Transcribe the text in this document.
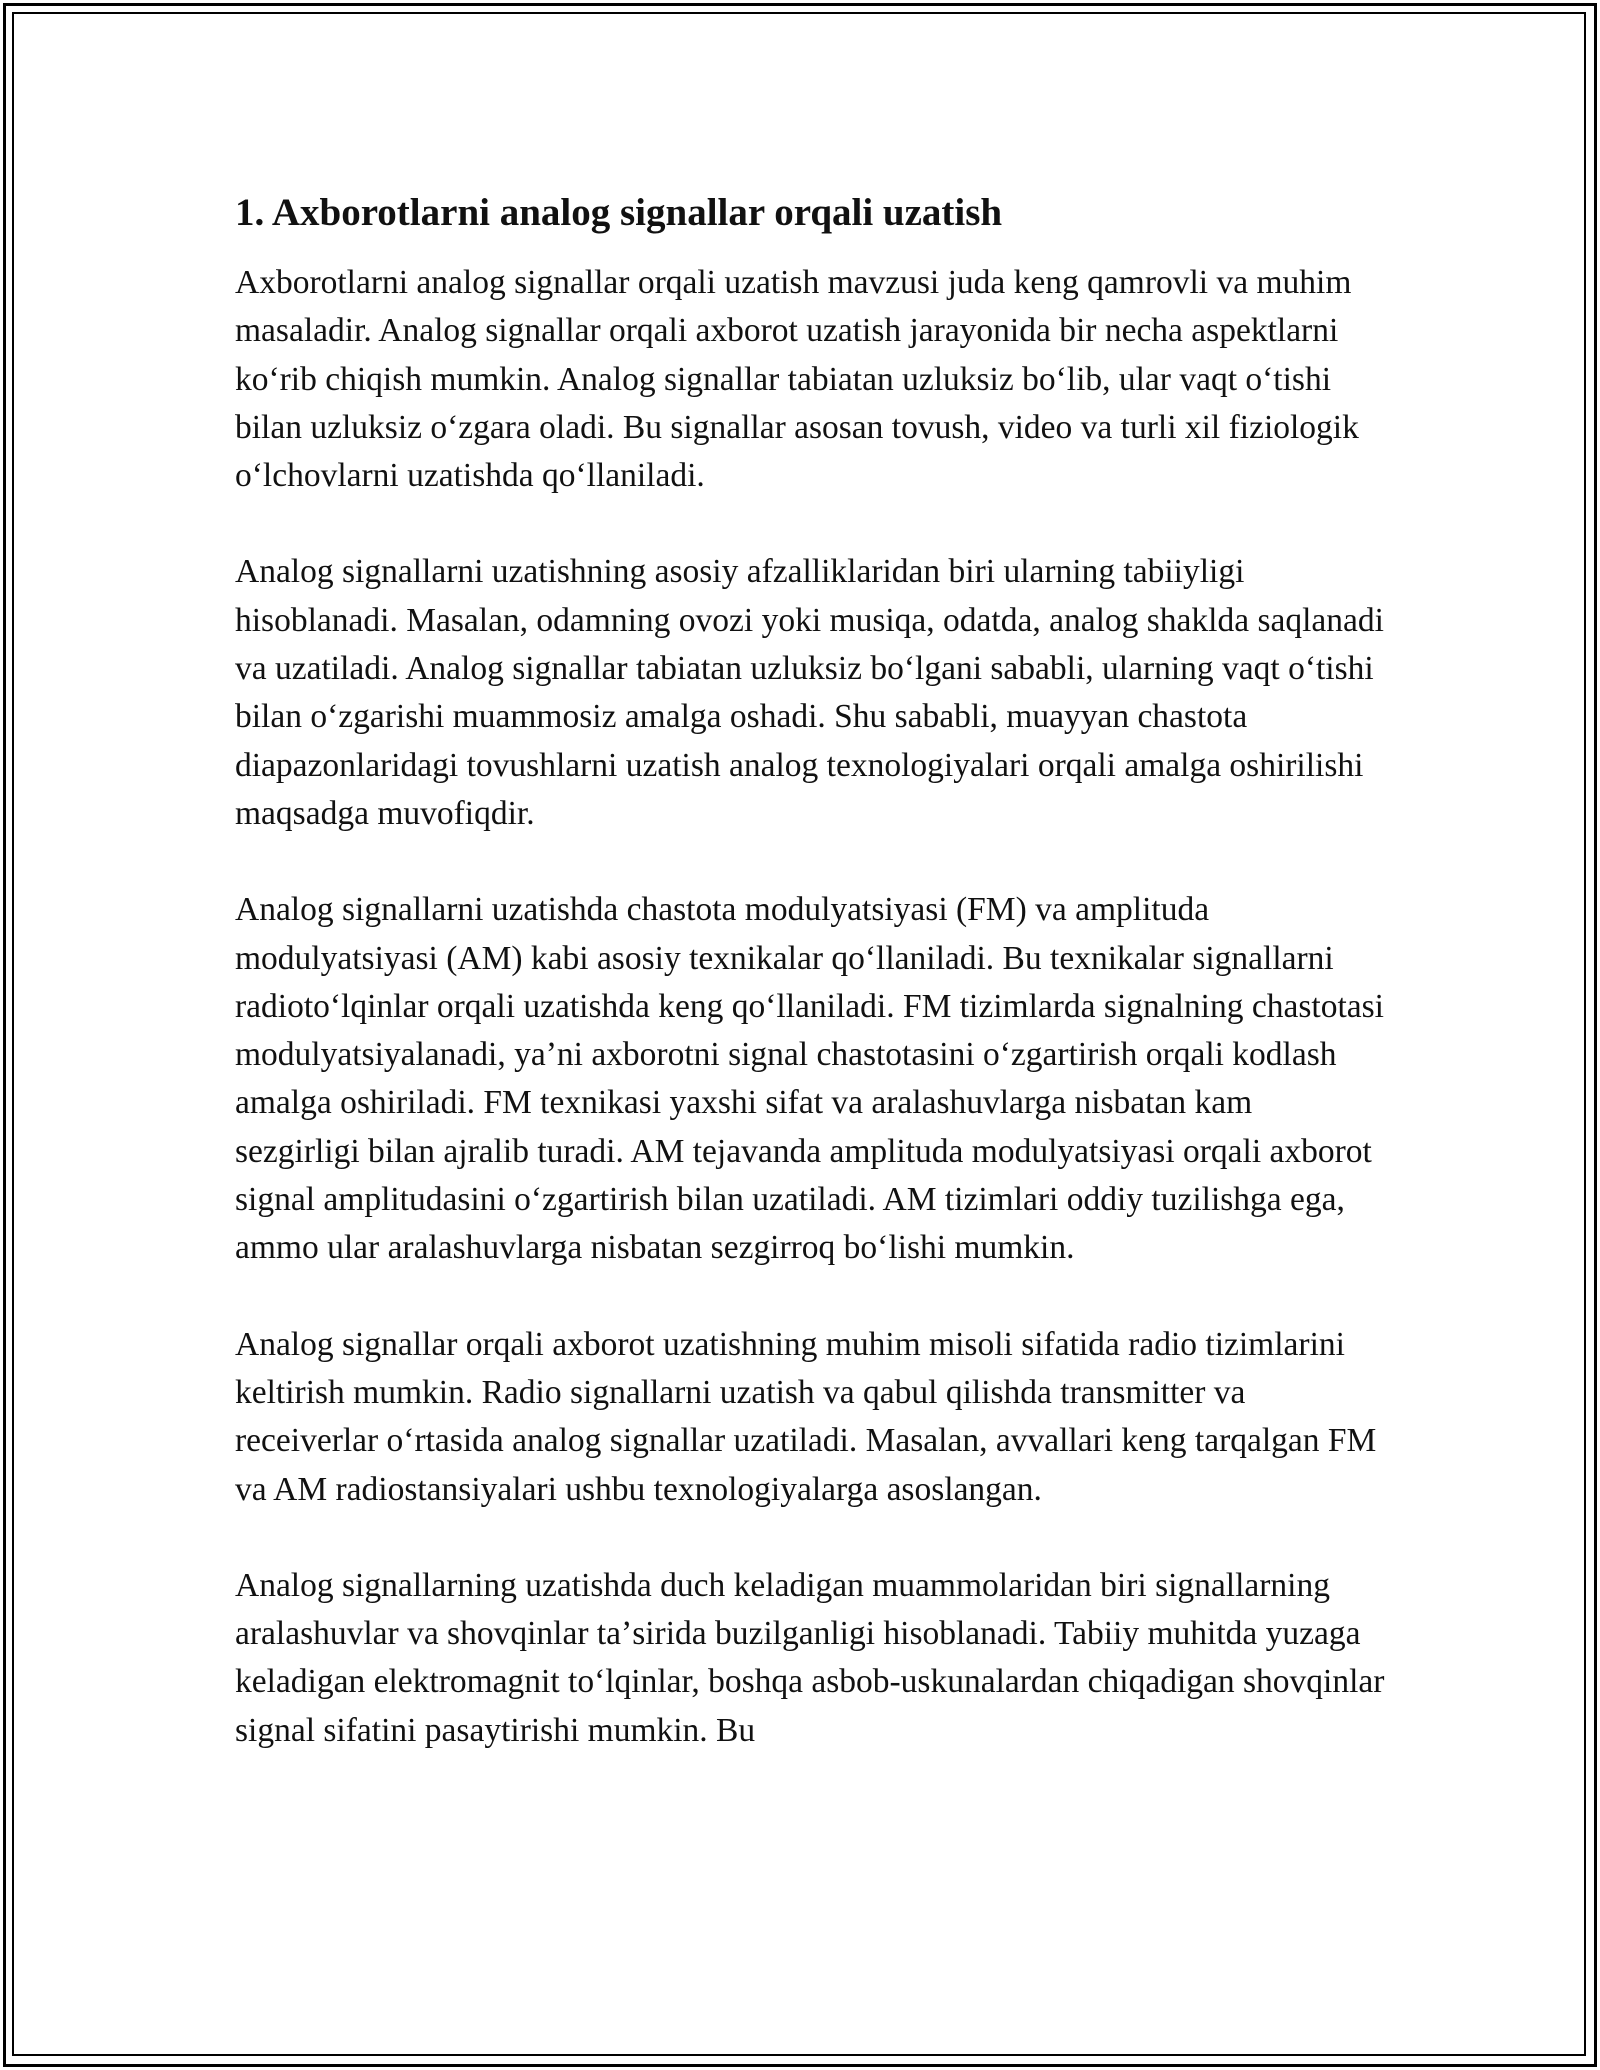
1. Axborotlarni analog signallar orqali uzatish

Axborotlarni analog signallar orqali uzatish mavzusi juda keng qamrovli va muhim masaladir. Analog signallar orqali axborot uzatish jarayonida bir necha aspektlarni koʻrib chiqish mumkin. Analog signallar tabiatan uzluksiz boʻlib, ular vaqt oʻtishi bilan uzluksiz oʻzgara oladi. Bu signallar asosan tovush, video va turli xil fiziologik oʻlchovlarni uzatishda qoʻllaniladi.

Analog signallarni uzatishning asosiy afzalliklaridan biri ularning tabiiyligi hisoblanadi. Masalan, odamning ovozi yoki musiqa, odatda, analog shaklda saqlanadi va uzatiladi. Analog signallar tabiatan uzluksiz boʻlgani sababli, ularning vaqt oʻtishi bilan oʻzgarishi muammosiz amalga oshadi. Shu sababli, muayyan chastota diapazonlaridagi tovushlarni uzatish analog texnologiyalari orqali amalga oshirilishi maqsadga muvofiqdir.

Analog signallarni uzatishda chastota modulyatsiyasi (FM) va amplituda modulyatsiyasi (AM) kabi asosiy texnikalar qoʻllaniladi. Bu texnikalar signallarni radiotoʻlqinlar orqali uzatishda keng qoʻllaniladi. FM tizimlarda signalning chastotasi modulyatsiyalanadi, yaʼni axborotni signal chastotasini oʻzgartirish orqali kodlash amalga oshiriladi. FM texnikasi yaxshi sifat va aralashuvlarga nisbatan kam sezgirligi bilan ajralib turadi. AM tejavanda amplituda modulyatsiyasi orqali axborot signal amplitudasini oʻzgartirish bilan uzatiladi. AM tizimlari oddiy tuzilishga ega, ammo ular aralashuvlarga nisbatan sezgirroq boʻlishi mumkin.

Analog signallar orqali axborot uzatishning muhim misoli sifatida radio tizimlarini keltirish mumkin. Radio signallarni uzatish va qabul qilishda transmitter va receiverlar oʻrtasida analog signallar uzatiladi. Masalan, avvallari keng tarqalgan FM va AM radiostansiyalari ushbu texnologiyalarga asoslangan.

Analog signallarning uzatishda duch keladigan muammolaridan biri signallarning aralashuvlar va shovqinlar taʼsirida buzilganligi hisoblanadi. Tabiiy muhitda yuzaga keladigan elektromagnit toʻlqinlar, boshqa asbob-uskunalardan chiqadigan shovqinlar signal sifatini pasaytirishi mumkin. Bu
